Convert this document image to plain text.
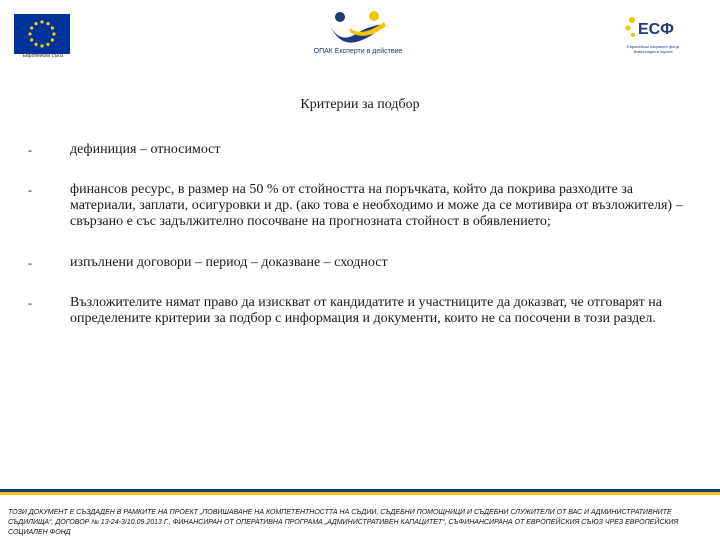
Европейски съюз
ОПАК Експерти в действие
ЕСФ
Европейски социален фонд Инвестиции в хората
Критерии за подбор
-	дефиниция – относимост
-	финансов ресурс, в размер на 50 % от стойността на поръчката, който да покрива разходите за материали, заплати, осигуровки и др. (ако това е необходимо и може да се мотивира от възложителя) – свързано е със задължително посочване на прогнозната стойност в обявлението;
-	изпълнени договори – период – доказване – сходност
-	Възложителите нямат право да изискват от кандидатите и участниците да доказват, че отговарят на определените критерии за подбор с информация и документи, които не са посочени в този раздел.
ТОЗИ ДОКУМЕНТ Е СЪЗДАДЕН В РАМКИТЕ НА ПРОЕКТ „ПОВИШАВАНЕ НА КОМПЕТЕНТНОСТТА НА СЪДИИ, СЪДЕБНИ ПОМОЩНИЦИ И СЪДЕБНИ СЛУЖИТЕЛИ ОТ ВАС И АДМИНИСТРАТИВНИТЕ СЪДИЛИЩА“, ДОГОВОР № 13-24-3/10.09.2013 Г., ФИНАНСИРАН ОТ ОПЕРАТИВНА ПРОГРАМА „АДМИНИСТРАТИВЕН КАПАЦИТЕТ“, СЪФИНАНСИРАНА ОТ ЕВРОПЕЙСКИЯ СЪЮЗ ЧРЕЗ ЕВРОПЕЙСКИЯ СОЦИАЛЕН ФОНД
